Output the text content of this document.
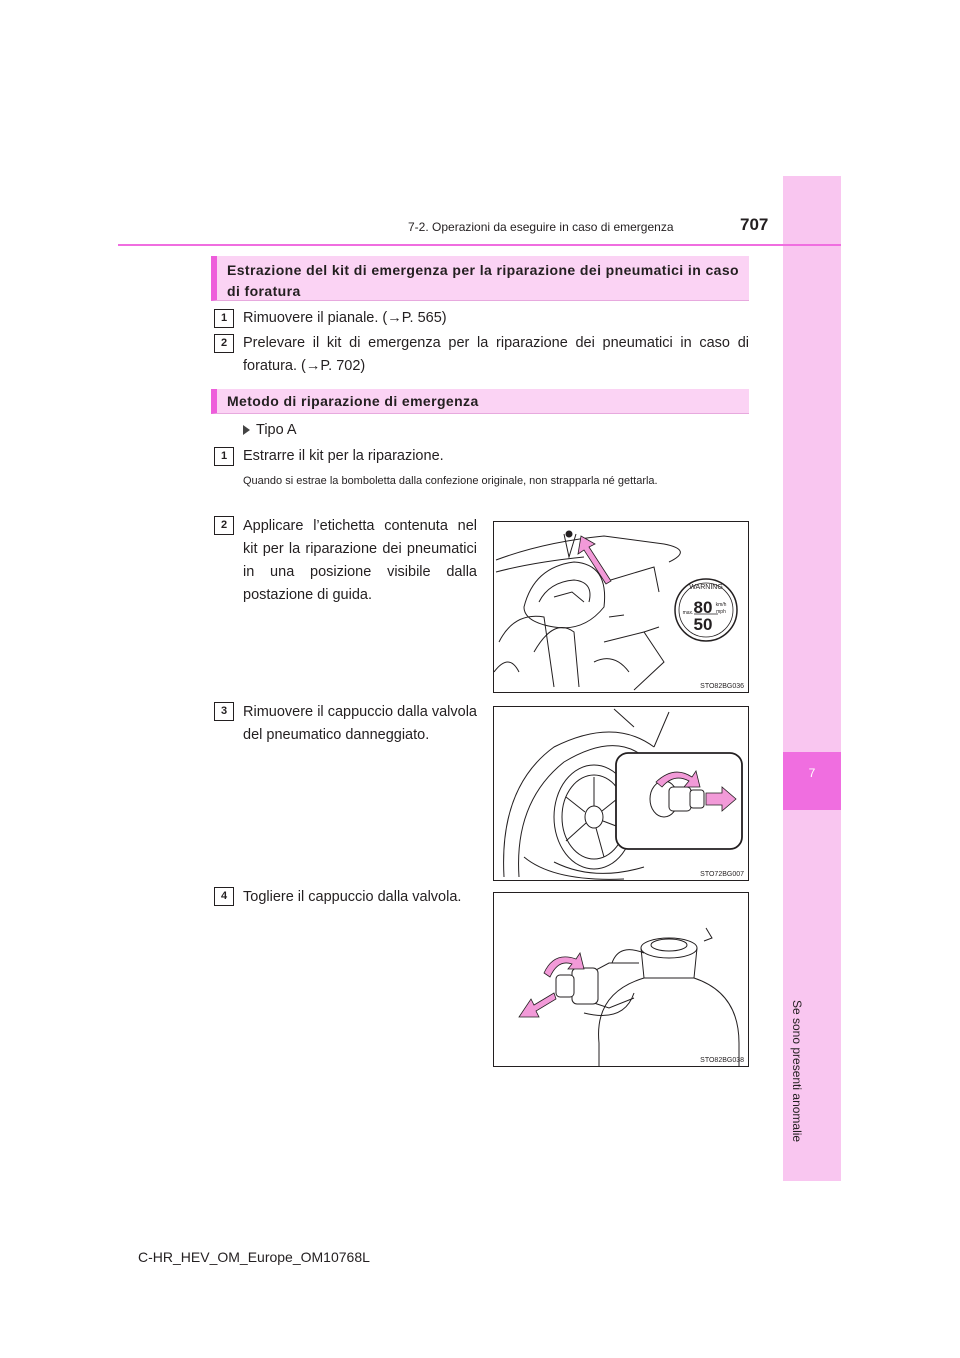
7
Se sono presenti anomalie
7-2. Operazioni da eseguire in caso di emergenza	707
Estrazione del kit di emergenza per la riparazione dei pneumatici in caso di foratura
1	Rimuovere il pianale. (→P. 565)
2	Prelevare il kit di emergenza per la riparazione dei pneumatici in caso di foratura. (→P. 702)
Metodo di riparazione di emergenza
Tipo A
1	Estrarre il kit per la riparazione.
Quando si estrae la bomboletta dalla confezione originale, non strapparla né gettarla.
2	Applicare l’etichetta contenuta nel kit per la riparazione dei pneumatici in una posizione visibile dalla postazione di guida.
3	Rimuovere il cappuccio dalla valvola del pneumatico danneggiato.
4	Togliere il cappuccio dalla valvola.
WARNING
80
50
km/h
mph
max.
STO82BG036
STO72BG007
STO82BG038
C-HR_HEV_OM_Europe_OM10768L
